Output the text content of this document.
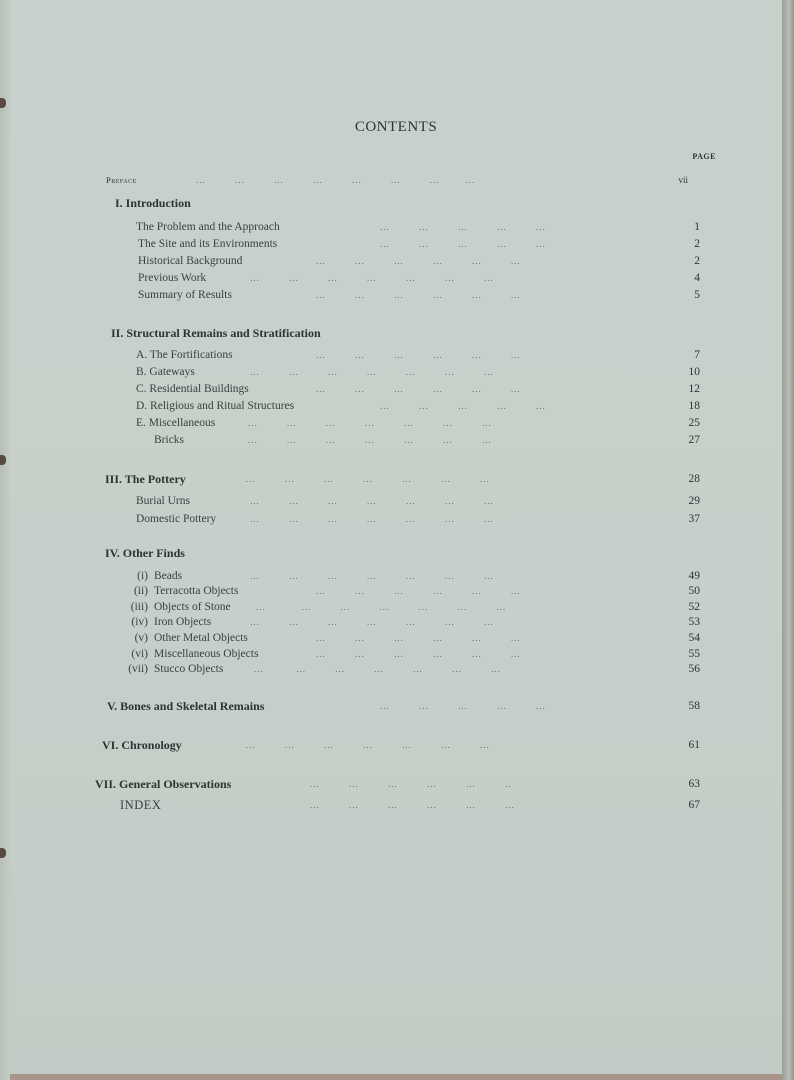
CONTENTS
PAGE
Preface	...         ...         ...         ...         ...         ...         ...        ...	vii
I. Introduction
The Problem and the Approach	...         ...         ...         ...         ...	1
The Site and its Environments	...         ...         ...         ...         ...	2
Historical Background	...         ...         ...         ...         ...         ...	2
Previous Work	...         ...         ...         ...         ...         ...         ...	4
Summary of Results	...         ...         ...         ...         ...         ...	5
II. Structural Remains and Stratification
A. The Fortifications	...         ...         ...         ...         ...         ...	7
B. Gateways	...         ...         ...         ...         ...         ...         ...	10
C. Residential Buildings	...         ...         ...         ...         ...         ...	12
D. Religious and Ritual Structures	...         ...         ...         ...         ...	18
E. Miscellaneous	...         ...         ...         ...         ...         ...         ...	25
Bricks	...         ...         ...         ...         ...         ...         ...	27
III. The Pottery	...         ...         ...         ...         ...         ...         ...	28
Burial Urns	...         ...         ...         ...         ...         ...         ...	29
Domestic Pottery	...         ...         ...         ...         ...         ...         ...	37
IV. Other Finds
(i) Beads	...         ...         ...         ...         ...         ...         ...	49
(ii) Terracotta Objects	...         ...         ...         ...         ...         ...	50
(iii) Objects of Stone	...           ...         ...         ...         ...         ...         ...	52
(iv) Iron Objects	...         ...         ...         ...         ...         ...         ...	53
(v) Other Metal Objects	...         ...         ...         ...         ...         ...	54
(vi) Miscellaneous Objects	...         ...         ...         ...         ...         ...	55
(vii) Stucco Objects	...          ...         ...         ...         ...         ...         ...	56
V. Bones and Skeletal Remains	...         ...         ...         ...         ...	58
VI. Chronology	...         ...         ...         ...         ...         ...         ...	61
VII. General Observations	...         ...         ...         ...         ...         ..	63
INDEX	...         ...         ...         ...         ...         ...	67
